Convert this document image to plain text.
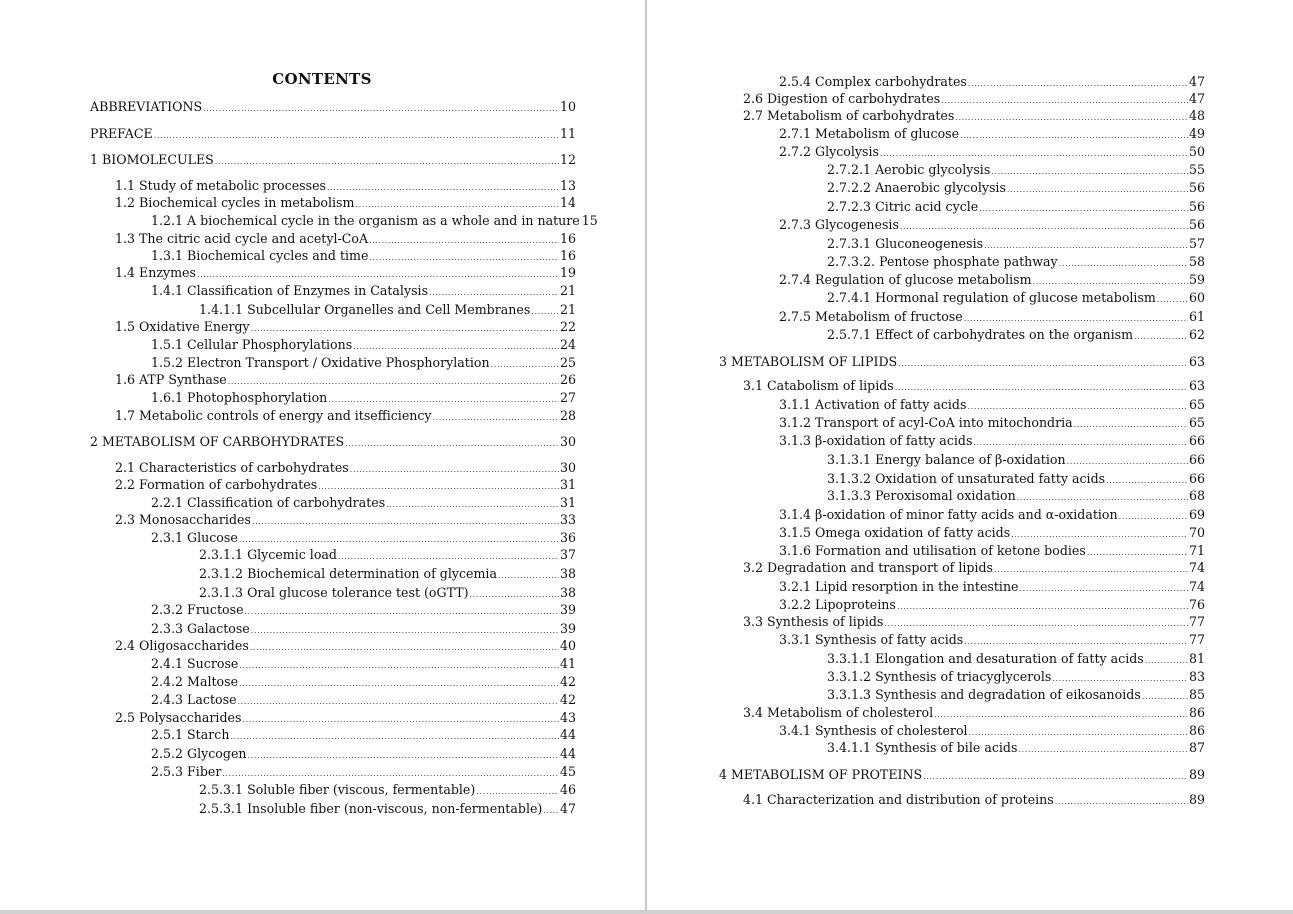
CONTENTS
ABBREVIATIONS .....	10
PREFACE .....	11
1 BIOMOLECULES .....	12
1.1 Study of metabolic processes .....	13
1.2 Biochemical cycles in metabolism .....	14
1.2.1 A biochemical cycle in the organism as a whole and in nature 15
1.3 The citric acid cycle and acetyl-CoA .....	16
1.3.1 Biochemical cycles and time .....	16
1.4 Enzymes .....	19
1.4.1 Classification of Enzymes in Catalysis .....	21
1.4.1.1 Subcellular Organelles and Cell Membranes ..... 21
1.5 Oxidative Energy .....	22
1.5.1 Cellular Phosphorylations .....	24
1.5.2 Electron Transport / Oxidative Phosphorylation .....	25
1.6 ATP Synthase .....	26
1.6.1 Photophosphorylation .....	27
1.7 Metabolic controls of energy and itsefficiency .....	28
2 METABOLISM OF CARBOHYDRATES .....	30
2.1 Characteristics of carbohydrates .....	30
2.2 Formation of carbohydrates .....	31
2.2.1 Classification of carbohydrates .....	31
2.3 Monosaccharides .....	33
2.3.1 Glucose .....	36
2.3.1.1 Glycemic load .....	37
2.3.1.2 Biochemical determination of glycemia .....	38
2.3.1.3 Oral glucose tolerance test (oGTT) .....	38
2.3.2 Fructose .....	39
2.3.3 Galactose .....	39
2.4 Oligosaccharides .....	40
2.4.1 Sucrose .....	41
2.4.2 Maltose .....	42
2.4.3 Lactose .....	42
2.5 Polysaccharides .....	43
2.5.1 Starch .....	44
2.5.2 Glycogen .....	44
2.5.3 Fiber .....	45
2.5.3.1 Soluble fiber (viscous, fermentable) .....	46
2.5.3.1 Insoluble fiber (non-viscous, non-fermentable) ..... 47
2.5.4 Complex carbohydrates .....	47
2.6 Digestion of carbohydrates .....	47
2.7 Metabolism of carbohydrates .....	48
2.7.1 Metabolism of glucose .....	49
2.7.2 Glycolysis .....	50
2.7.2.1 Aerobic glycolysis .....	55
2.7.2.2 Anaerobic glycolysis .....	56
2.7.2.3 Citric acid cycle .....	56
2.7.3 Glycogenesis .....	56
2.7.3.1 Gluconeogenesis .....	57
2.7.3.2. Pentose phosphate pathway .....	58
2.7.4 Regulation of glucose metabolism .....	59
2.7.4.1 Hormonal regulation of glucose metabolism .....	60
2.7.5 Metabolism of fructose .....	61
2.5.7.1 Effect of carbohydrates on the organism .....	62
3 METABOLISM OF LIPIDS .....	63
3.1 Catabolism of lipids .....	63
3.1.1 Activation of fatty acids .....	65
3.1.2 Transport of acyl-CoA into mitochondria .....	65
3.1.3 β-oxidation of fatty acids .....	66
3.1.3.1 Energy balance of β-oxidation .....	66
3.1.3.2 Oxidation of unsaturated fatty acids .....	66
3.1.3.3 Peroxisomal oxidation .....	68
3.1.4 β-oxidation of minor fatty acids and α-oxidation .....	69
3.1.5 Omega oxidation of fatty acids .....	70
3.1.6 Formation and utilisation of ketone bodies .....	71
3.2 Degradation and transport of lipids .....	74
3.2.1 Lipid resorption in the intestine .....	74
3.2.2 Lipoproteins .....	76
3.3 Synthesis of lipids .....	77
3.3.1 Synthesis of fatty acids .....	77
3.3.1.1 Elongation and desaturation of fatty acids .....	81
3.3.1.2 Synthesis of triacyglycerols .....	83
3.3.1.3 Synthesis and degradation of eikosanoids .....	85
3.4 Metabolism of cholesterol .....	86
3.4.1 Synthesis of cholesterol .....	86
3.4.1.1 Synthesis of bile acids .....	87
4 METABOLISM OF PROTEINS .....	89
4.1 Characterization and distribution of proteins .....	89
